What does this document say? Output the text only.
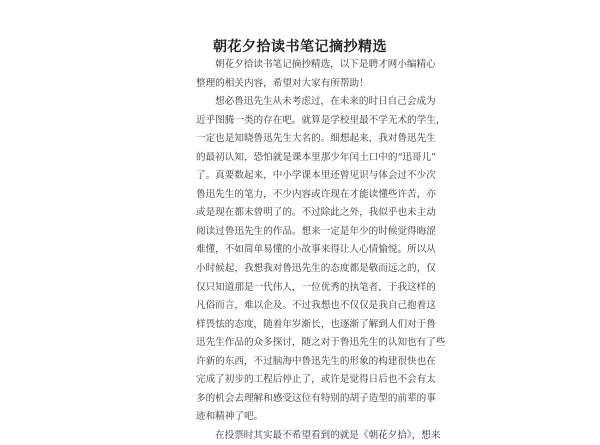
朝花夕拾读书笔记摘抄精选
朝花夕拾读书笔记摘抄精选，以下是聘才网小编精心
整理的相关内容，希望对大家有所帮助！
想必鲁迅先生从未考虑过，在未来的时日自己会成为
近乎图腾一类的存在吧。就算是学校里最不学无术的学生，
一定也是知晓鲁迅先生大名的。细想起来，我对鲁迅先生
的最初认知，恐怕就是课本里那少年闰土口中的“迅哥儿”
了。真要数起来，中小学课本里还曾见识与体会过不少次
鲁迅先生的笔力，不少内容或许现在才能读懂些许苦，亦
或是现在都未曾明了的。不过除此之外，我似乎也未主动
阅读过鲁迅先生的作品。想来一定是年少的时候觉得晦涩
难懂，不如简单易懂的小故事来得让人心情愉悦。所以从
小时候起，我想我对鲁迅先生的态度都是敬而远之的，仅
仅只知道那是一代伟人，一位优秀的执笔者，于我这样的
凡俗而言，难以企及。不过我想也不仅仅是我自己抱着这
样畏怯的态度，随着年岁渐长，也逐渐了解到人们对于鲁
迅先生作品的众多探讨，随之对于鲁迅先生的认知也有了些
许新的东西，不过脑海中鲁迅先生的形象的构建很快也在
完成了初步的工程后停止了，或许是觉得日后也不会有太
多的机会去理解和感受这位有特别的胡子造型的前辈的事
迹和精神了吧。
在投票时其实最不希望看到的就是《朝花夕拾》，想来
